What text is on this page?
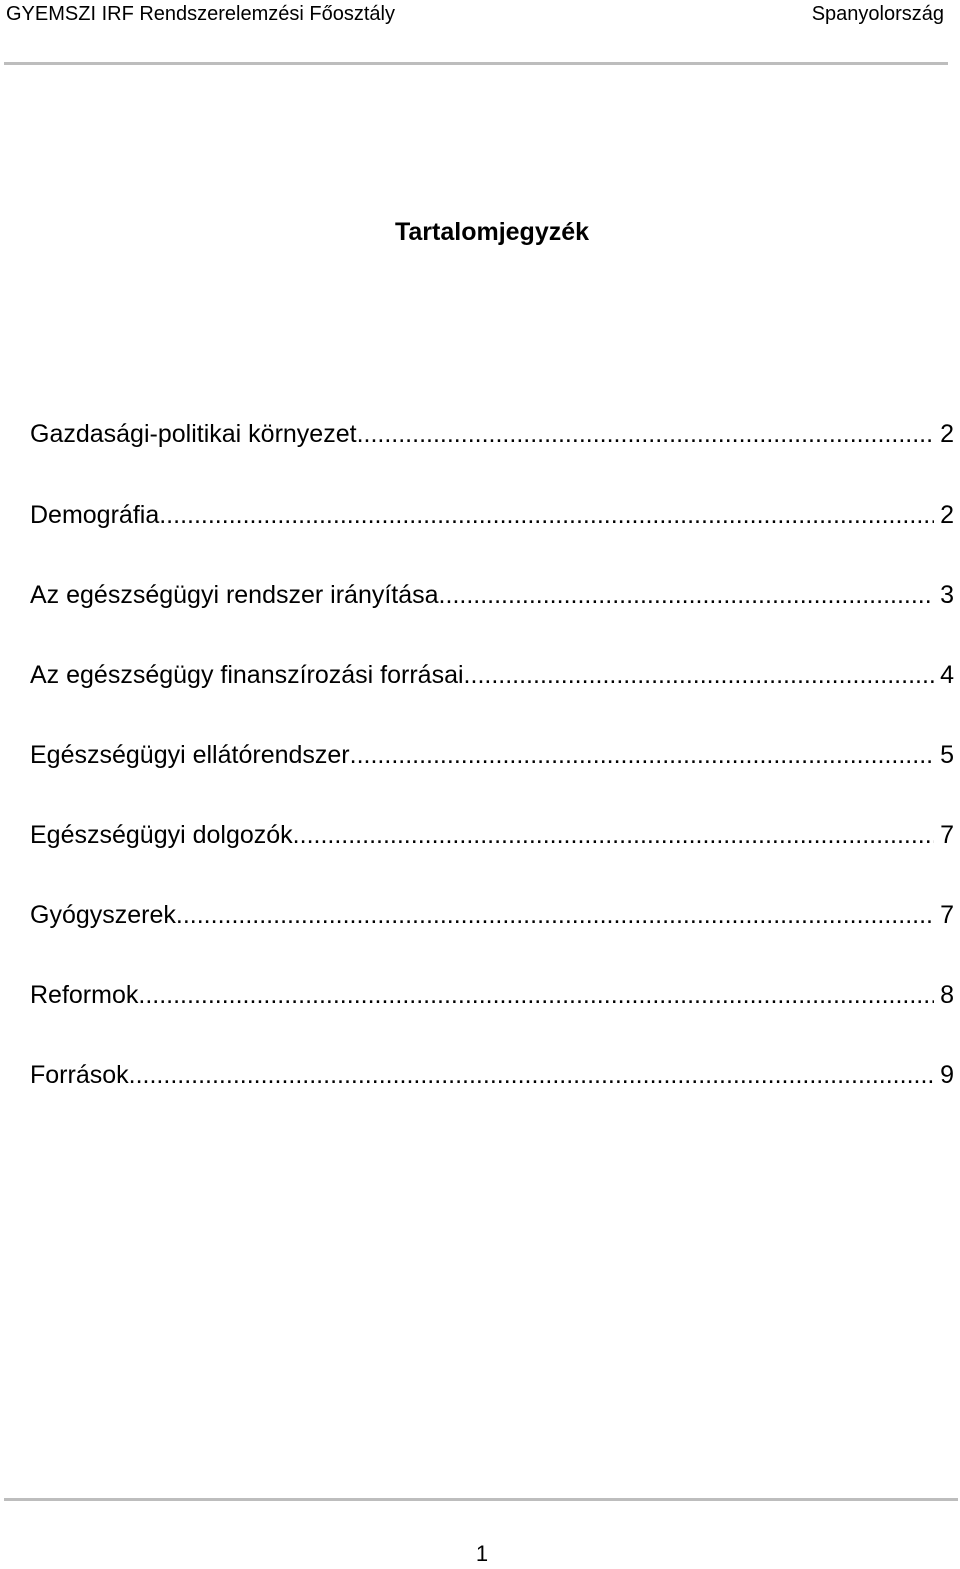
GYEMSZI IRF Rendszerelemzési Főosztály	Spanyolország
Tartalomjegyzék
Gazdasági-politikai környezet .....	2
Demográfia .....	2
Az egészségügyi rendszer irányítása .....	3
Az egészségügy finanszírozási forrásai .....	4
Egészségügyi ellátórendszer .....	5
Egészségügyi dolgozók .....	7
Gyógyszerek .....	7
Reformok .....	8
Források .....	9
1
